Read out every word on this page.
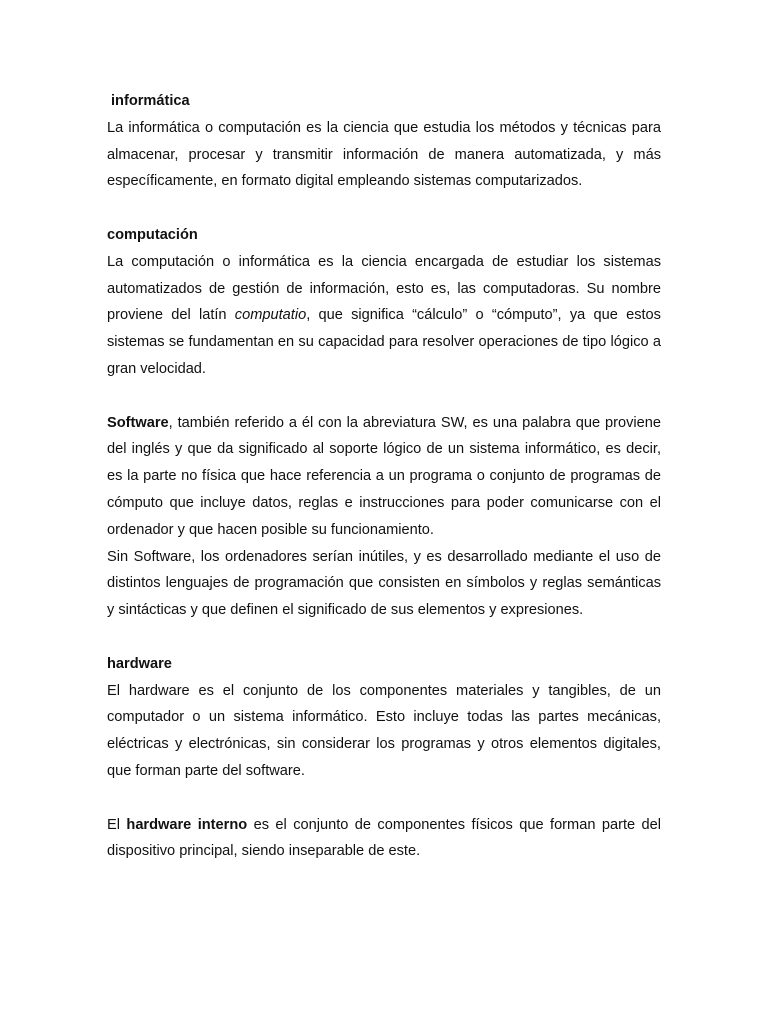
informática

La informática o computación es la ciencia que estudia los métodos y técnicas para almacenar, procesar y transmitir información de manera automatizada, y más específicamente, en formato digital empleando sistemas computarizados.

computación

La computación o informática es la ciencia encargada de estudiar los sistemas automatizados de gestión de información, esto es, las computadoras. Su nombre proviene del latín computatio, que significa “cálculo” o “cómputo”, ya que estos sistemas se fundamentan en su capacidad para resolver operaciones de tipo lógico a gran velocidad.

Software, también referido a él con la abreviatura SW, es una palabra que proviene del inglés y que da significado al soporte lógico de un sistema informático, es decir, es la parte no física que hace referencia a un programa o conjunto de programas de cómputo que incluye datos, reglas e instrucciones para poder comunicarse con el ordenador y que hacen posible su funcionamiento.

Sin Software, los ordenadores serían inútiles, y es desarrollado mediante el uso de distintos lenguajes de programación que consisten en símbolos y reglas semánticas y sintácticas y que definen el significado de sus elementos y expresiones.

hardware

El hardware es el conjunto de los componentes materiales y tangibles, de un computador o un sistema informático. Esto incluye todas las partes mecánicas, eléctricas y electrónicas, sin considerar los programas y otros elementos digitales, que forman parte del software.

El hardware interno es el conjunto de componentes físicos que forman parte del dispositivo principal, siendo inseparable de este.
